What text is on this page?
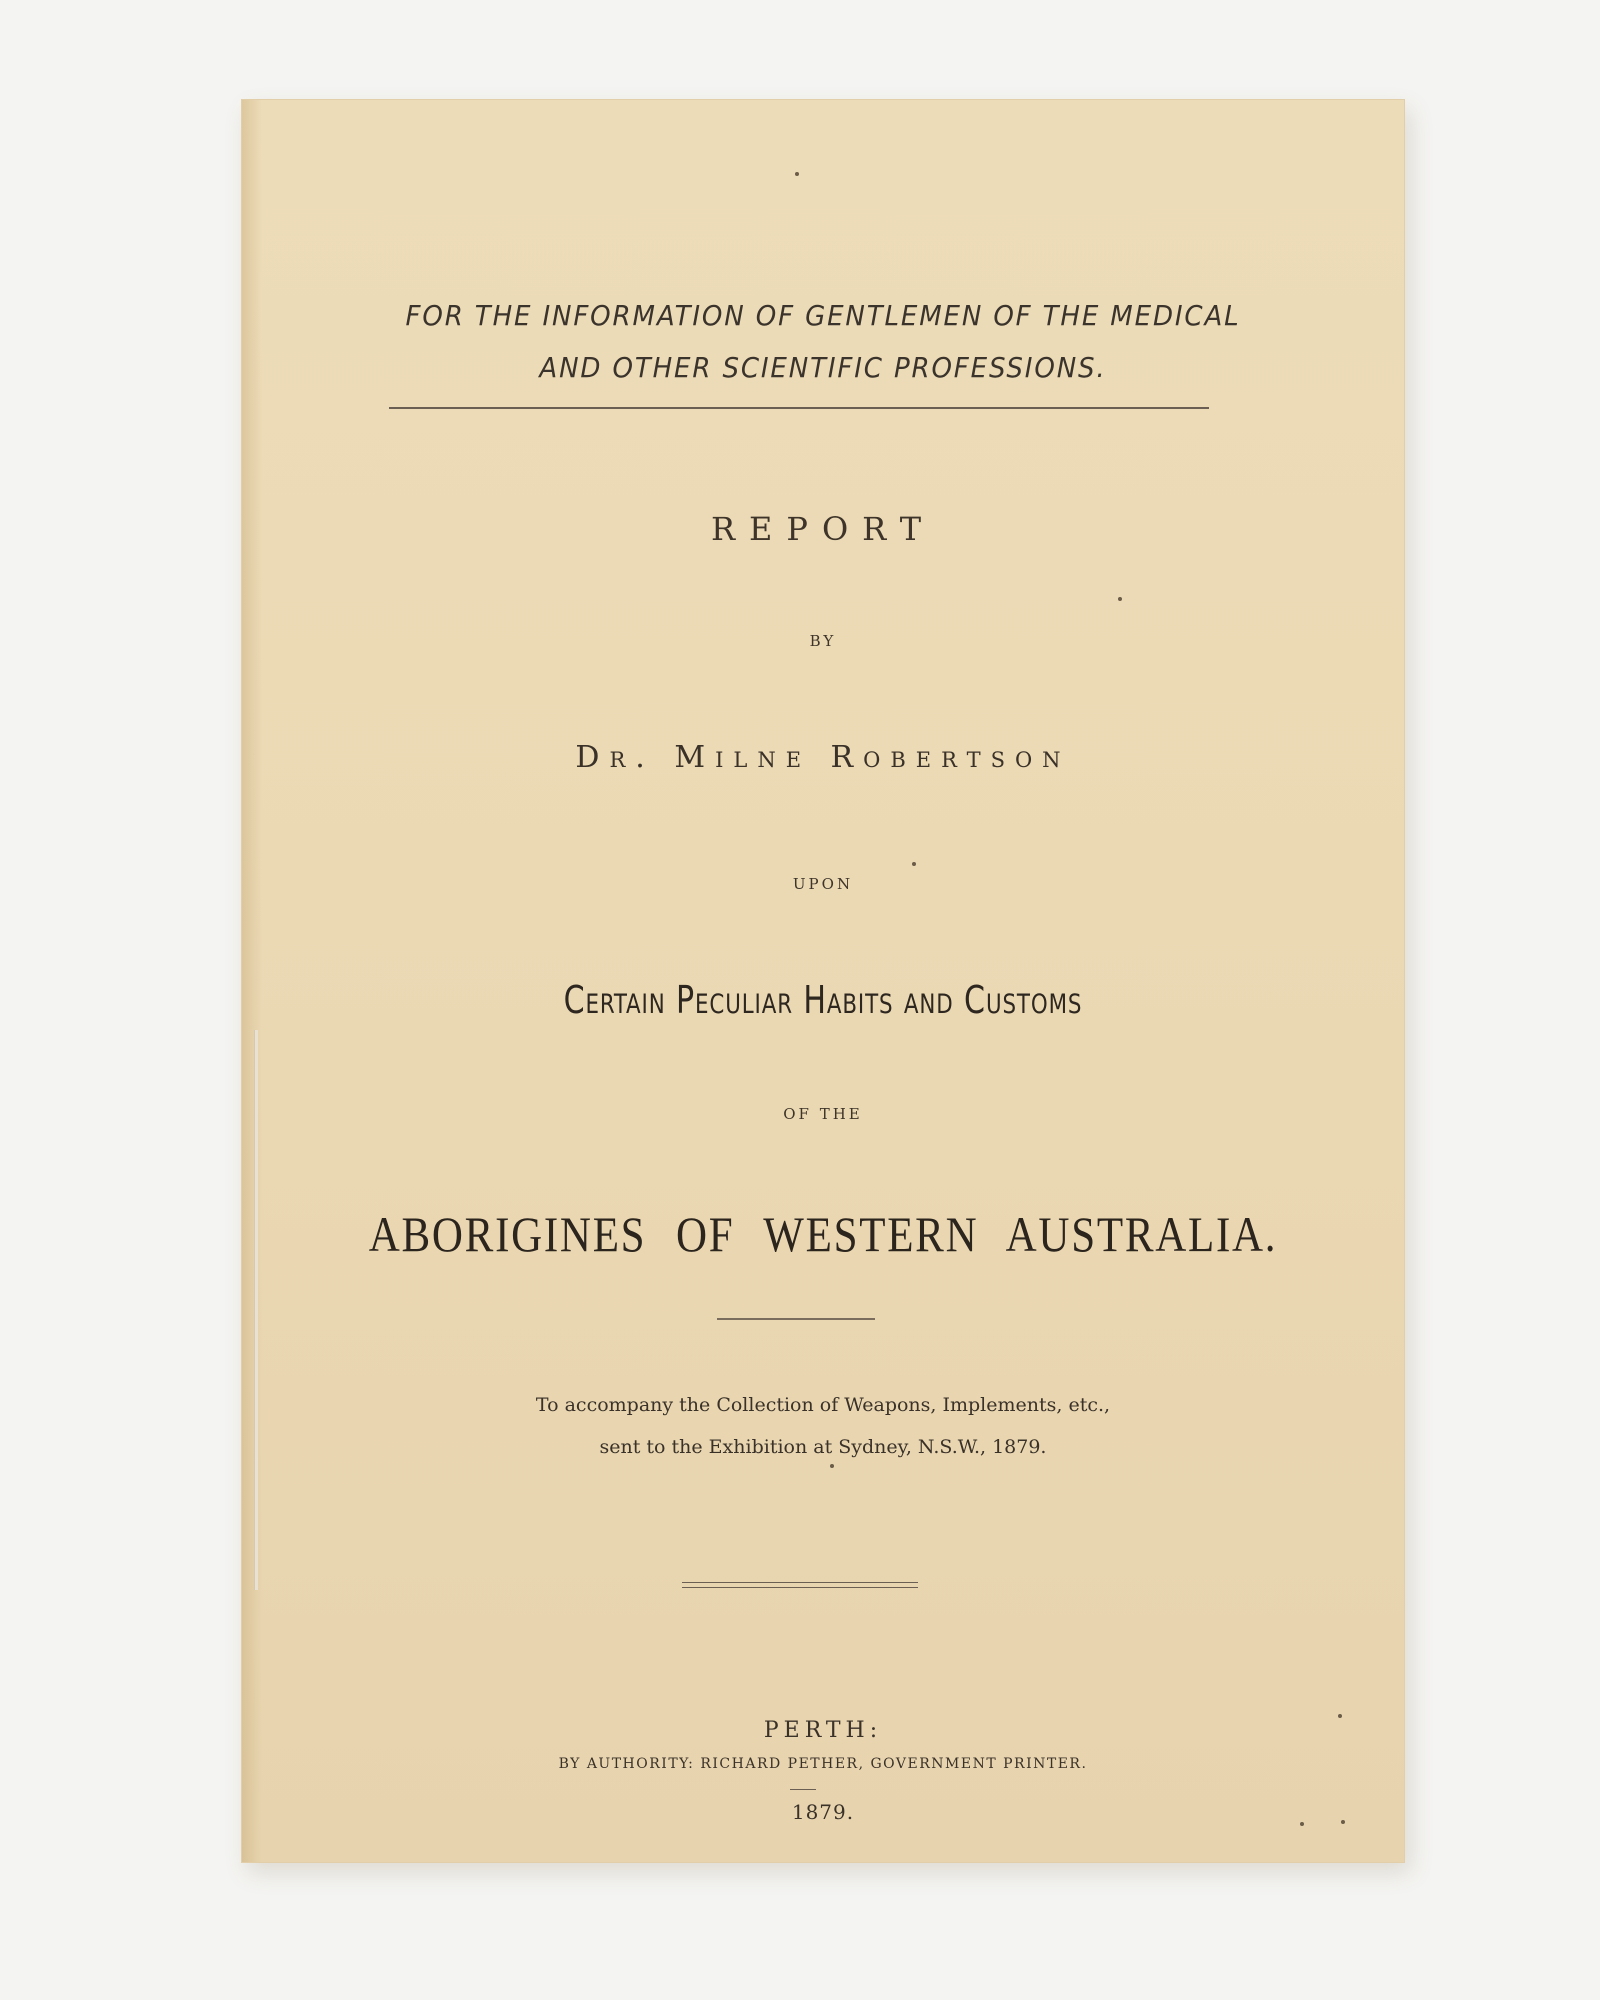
FOR THE INFORMATION OF GENTLEMEN OF THE MEDICAL
AND OTHER SCIENTIFIC PROFESSIONS.
REPORT
BY
Dr. Milne Robertson
UPON
Certain Peculiar Habits and Customs
OF THE
ABORIGINES OF WESTERN AUSTRALIA.
To accompany the Collection of Weapons, Implements, etc.,
sent to the Exhibition at Sydney, N.S.W., 1879.
PERTH:
BY AUTHORITY: RICHARD PETHER, GOVERNMENT PRINTER.
1879.
